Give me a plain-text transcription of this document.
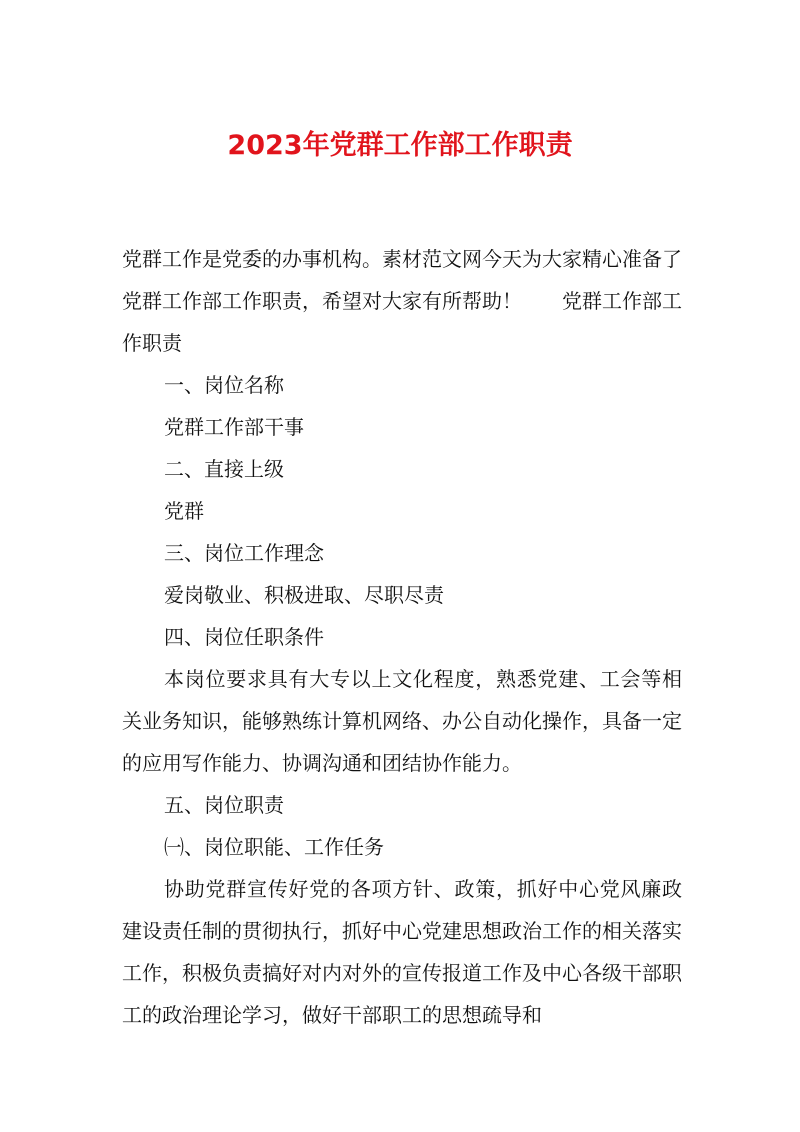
2023年党群工作部工作职责

党群工作是党委的办事机构。素材范文网今天为大家精心准备了党群工作部工作职责，希望对大家有所帮助！　　党群工作部工作职责

一、岗位名称

党群工作部干事

二、直接上级

党群

三、岗位工作理念

爱岗敬业、积极进取、尽职尽责

四、岗位任职条件

本岗位要求具有大专以上文化程度，熟悉党建、工会等相关业务知识，能够熟练计算机网络、办公自动化操作，具备一定的应用写作能力、协调沟通和团结协作能力。

五、岗位职责

㈠、岗位职能、工作任务

协助党群宣传好党的各项方针、政策，抓好中心党风廉政建设责任制的贯彻执行，抓好中心党建思想政治工作的相关落实工作，积极负责搞好对内对外的宣传报道工作及中心各级干部职工的政治理论学习，做好干部职工的思想疏导和
